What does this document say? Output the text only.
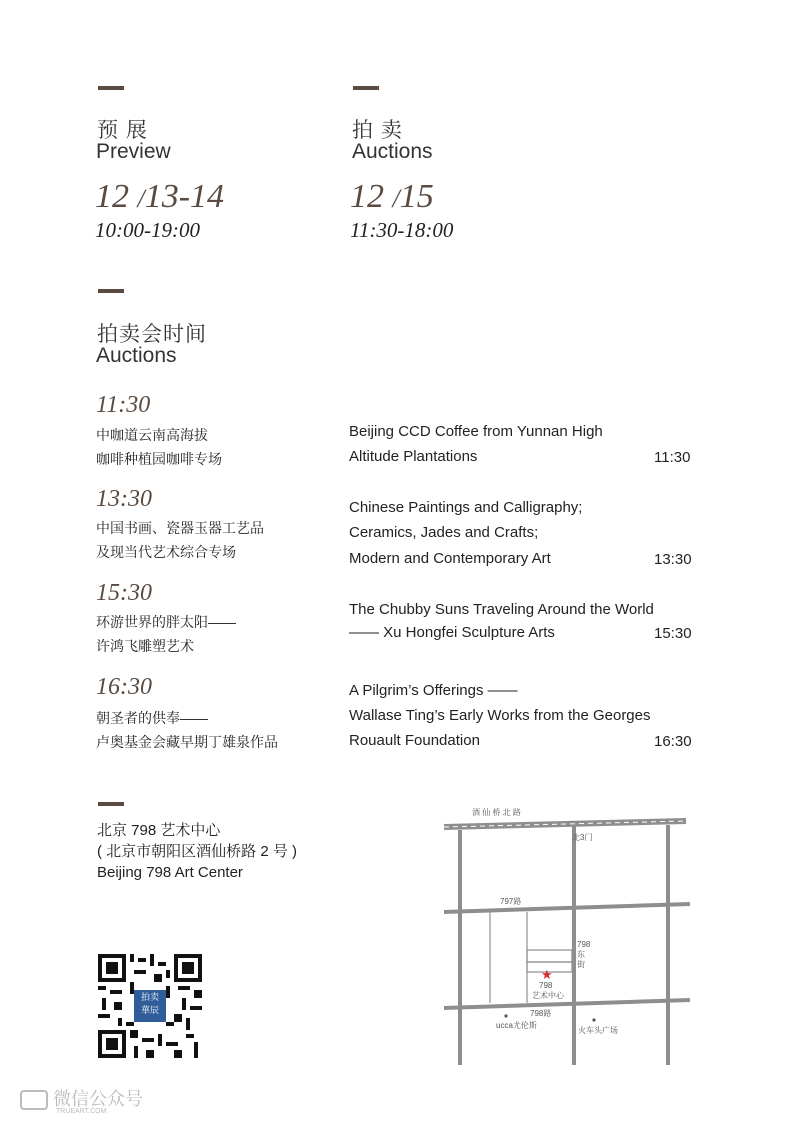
预 展
Preview
12 /13-14
10:00-19:00
拍 卖
Auctions
12 /15
11:30-18:00
拍卖会时间
Auctions
11:30
中咖道云南高海拔
咖啡种植园咖啡专场
Beijing CCD Coffee from Yunnan High
Altitude Plantations	11:30
13:30
中国书画、瓷器玉器工艺品
及现当代艺术综合专场
Chinese Paintings and Calligraphy;
Ceramics, Jades and Crafts;
Modern and Contemporary Art	13:30
15:30
环游世界的胖太阳——
许鸿飞雕塑艺术
The Chubby Suns Traveling Around the World
—— Xu Hongfei Sculpture Arts	15:30
16:30
朝圣者的供奉——
卢奥基金会藏早期丁雄泉作品
A Pilgrim’s Offerings ——
Wallase Ting’s Early Works from the Georges
Rouault Foundation	16:30
北京 798 艺术中心
( 北京市朝阳区酒仙桥路 2 号 )
Beijing 798 Art Center
酒 仙 桥 北 路
北3门
797路
798 东 街
★
798
艺术中心
798路
ucca尤伦斯
火车头广场
拍卖
華辰
微信公众号
TRUEART.COM
